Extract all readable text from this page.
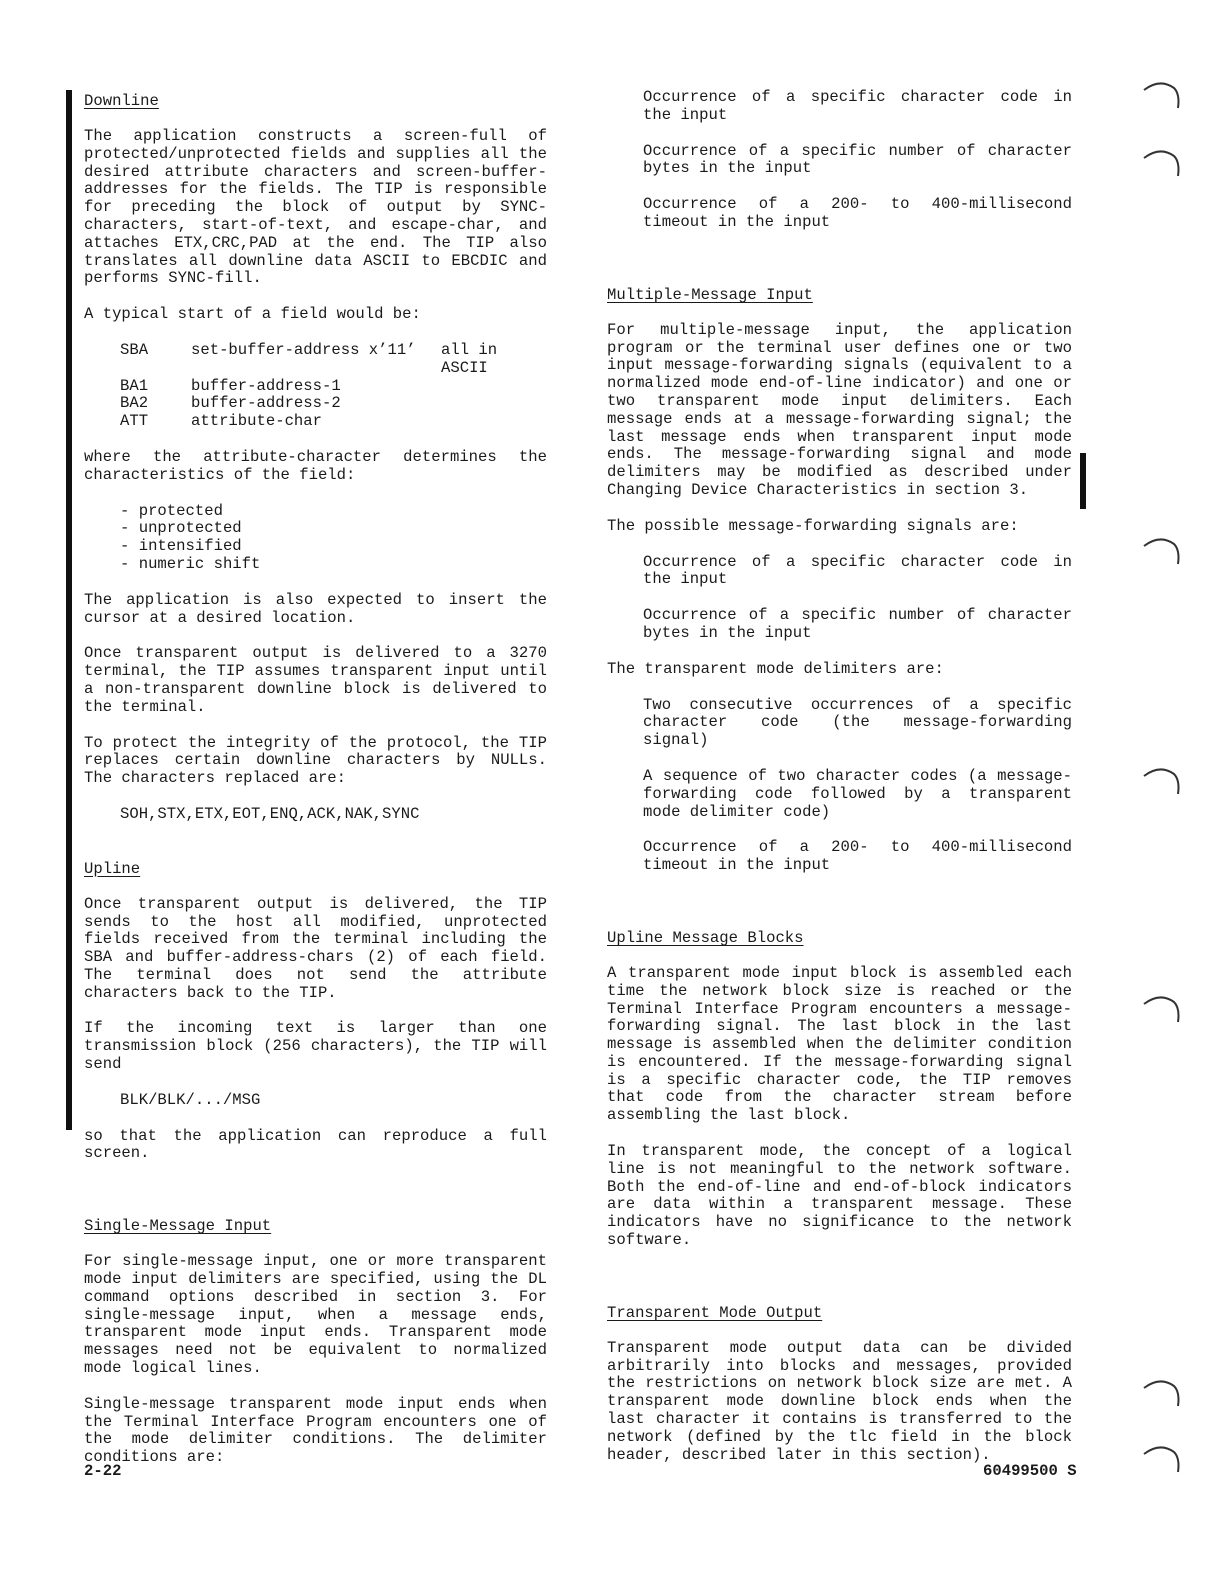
Downline

The application constructs a screen-full of protected/unprotected fields and supplies all the desired attribute characters and screen-buffer-addresses for the fields. The TIP is responsible for preceding the block of output by SYNC-characters, start-of-text, and escape-char, and attaches ETX,CRC,PAD at the end. The TIP also translates all downline data ASCII to EBCDIC and performs SYNC-fill.

A typical start of a field would be:

SBA	set-buffer-address x’11’	all in ASCII
BA1	buffer-address-1	
BA2	buffer-address-2	
ATT	attribute-char	

where the attribute-character determines the characteristics of the field:

- protected
- unprotected
- intensified
- numeric shift

The application is also expected to insert the cursor at a desired location.

Once transparent output is delivered to a 3270 terminal, the TIP assumes transparent input until a non-transparent downline block is delivered to the terminal.

To protect the integrity of the protocol, the TIP replaces certain downline characters by NULLs. The characters replaced are:

SOH,STX,ETX,EOT,ENQ,ACK,NAK,SYNC

Upline

Once transparent output is delivered, the TIP sends to the host all modified, unprotected fields received from the terminal including the SBA and buffer-address-chars (2) of each field. The terminal does not send the attribute characters back to the TIP.

If the incoming text is larger than one transmission block (256 characters), the TIP will send

BLK/BLK/.../MSG

so that the application can reproduce a full screen.

Single-Message Input

For single-message input, one or more transparent mode input delimiters are specified, using the DL command options described in section 3. For single-message input, when a message ends, transparent mode input ends. Transparent mode messages need not be equivalent to normalized mode logical lines.

Single-message transparent mode input ends when the Terminal Interface Program encounters one of the mode delimiter conditions. The delimiter conditions are:

Occurrence of a specific character code in the input

Occurrence of a specific number of character bytes in the input

Occurrence of a 200- to 400-millisecond timeout in the input

Multiple-Message Input

For multiple-message input, the application program or the terminal user defines one or two input message-forwarding signals (equivalent to a normalized mode end-of-line indicator) and one or two transparent mode input delimiters. Each message ends at a message-forwarding signal; the last message ends when transparent input mode ends. The message-forwarding signal and mode delimiters may be modified as described under Changing Device Characteristics in section 3.

The possible message-forwarding signals are:

Occurrence of a specific character code in the input

Occurrence of a specific number of character bytes in the input

The transparent mode delimiters are:

Two consecutive occurrences of a specific character code (the message-forwarding signal)

A sequence of two character codes (a message-forwarding code followed by a transparent mode delimiter code)

Occurrence of a 200- to 400-millisecond timeout in the input

Upline Message Blocks

A transparent mode input block is assembled each time the network block size is reached or the Terminal Interface Program encounters a message-forwarding signal. The last block in the last message is assembled when the delimiter condition is encountered. If the message-forwarding signal is a specific character code, the TIP removes that code from the character stream before assembling the last block.

In transparent mode, the concept of a logical line is not meaningful to the network software. Both the end-of-line and end-of-block indicators are data within a transparent message. These indicators have no significance to the network software.

Transparent Mode Output

Transparent mode output data can be divided arbitrarily into blocks and messages, provided the restrictions on network block size are met. A transparent mode downline block ends when the last character it contains is transferred to the network (defined by the tlc field in the block header, described later in this section).

2-22	60499500 S
